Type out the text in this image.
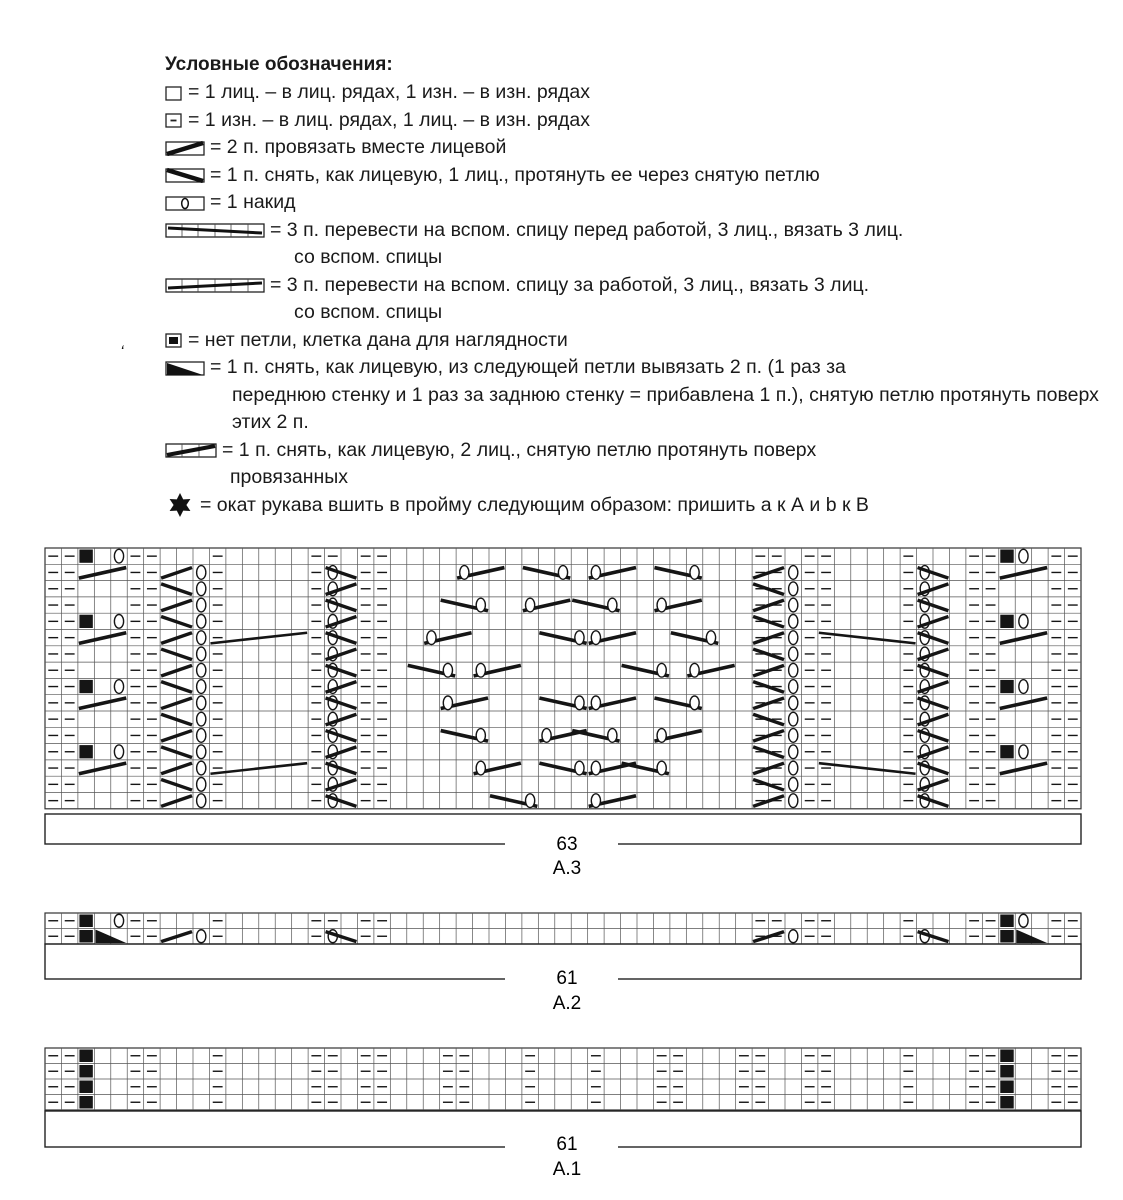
Условные обозначения:
= 1 лиц. – в лиц. рядах, 1 изн. – в изн. рядах
= 1 изн. – в лиц. рядах, 1 лиц. – в изн. рядах
= 2 п. провязать вместе лицевой
= 1 п. снять, как лицевую, 1 лиц., протянуть ее через снятую петлю
= 1 накид
= 3 п. перевести на вспом. спицу перед работой, 3 лиц., вязать 3 лиц.
со вспом. спицы
= 3 п. перевести на вспом. спицу за работой, 3 лиц., вязать 3 лиц.
со вспом. спицы
= нет петли, клетка дана для наглядности
= 1 п. снять, как лицевую, из следующей петли вывязать 2 п. (1 раз за
переднюю стенку и 1 раз за заднюю стенку = прибавлена 1 п.), снятую петлю протянуть поверх этих 2 п.
= 1 п. снять, как лицевую, 2 лиц., снятую петлю протянуть поверх
провязанных
= окат рукава вшить в пройму следующим образом: пришить а к А и b к В
ʻ
63
A.3
61
A.2
61
A.1
